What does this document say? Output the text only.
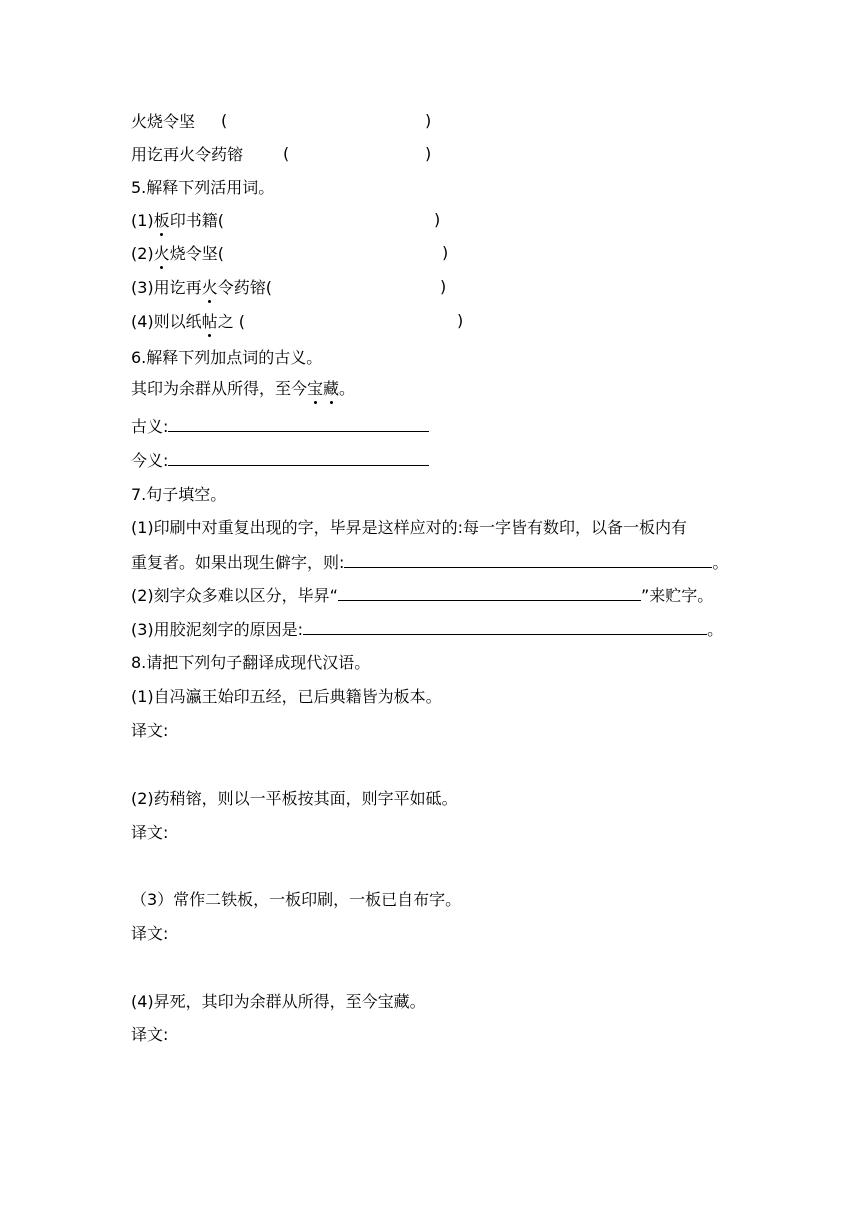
火烧令坚 (	)
用讫再火令药镕 (	)
5.解释下列活用词。
(1)板印书籍(	)
(2)火烧令坚(	)
(3)用讫再火令药镕(	)
(4)则以纸帖之 (	)
6.解释下列加点词的古义。
其印为余群从所得，至今宝藏。
古义:
今义:
7.句子填空。
(1)印刷中对重复出现的字，毕昇是这样应对的:每一字皆有数印，以备一板内有
重复者。如果出现生僻字，则:	。
(2)刻字众多难以区分，毕昇“	”来贮字。
(3)用胶泥刻字的原因是:	。
8.请把下列句子翻译成现代汉语。
(1)自冯瀛王始印五经，已后典籍皆为板本。
译文:
(2)药稍镕，则以一平板按其面，则字平如砥。
译文:
（3）常作二铁板，一板印刷，一板已自布字。
译文:
(4)昇死，其印为余群从所得，至今宝藏。
译文:
